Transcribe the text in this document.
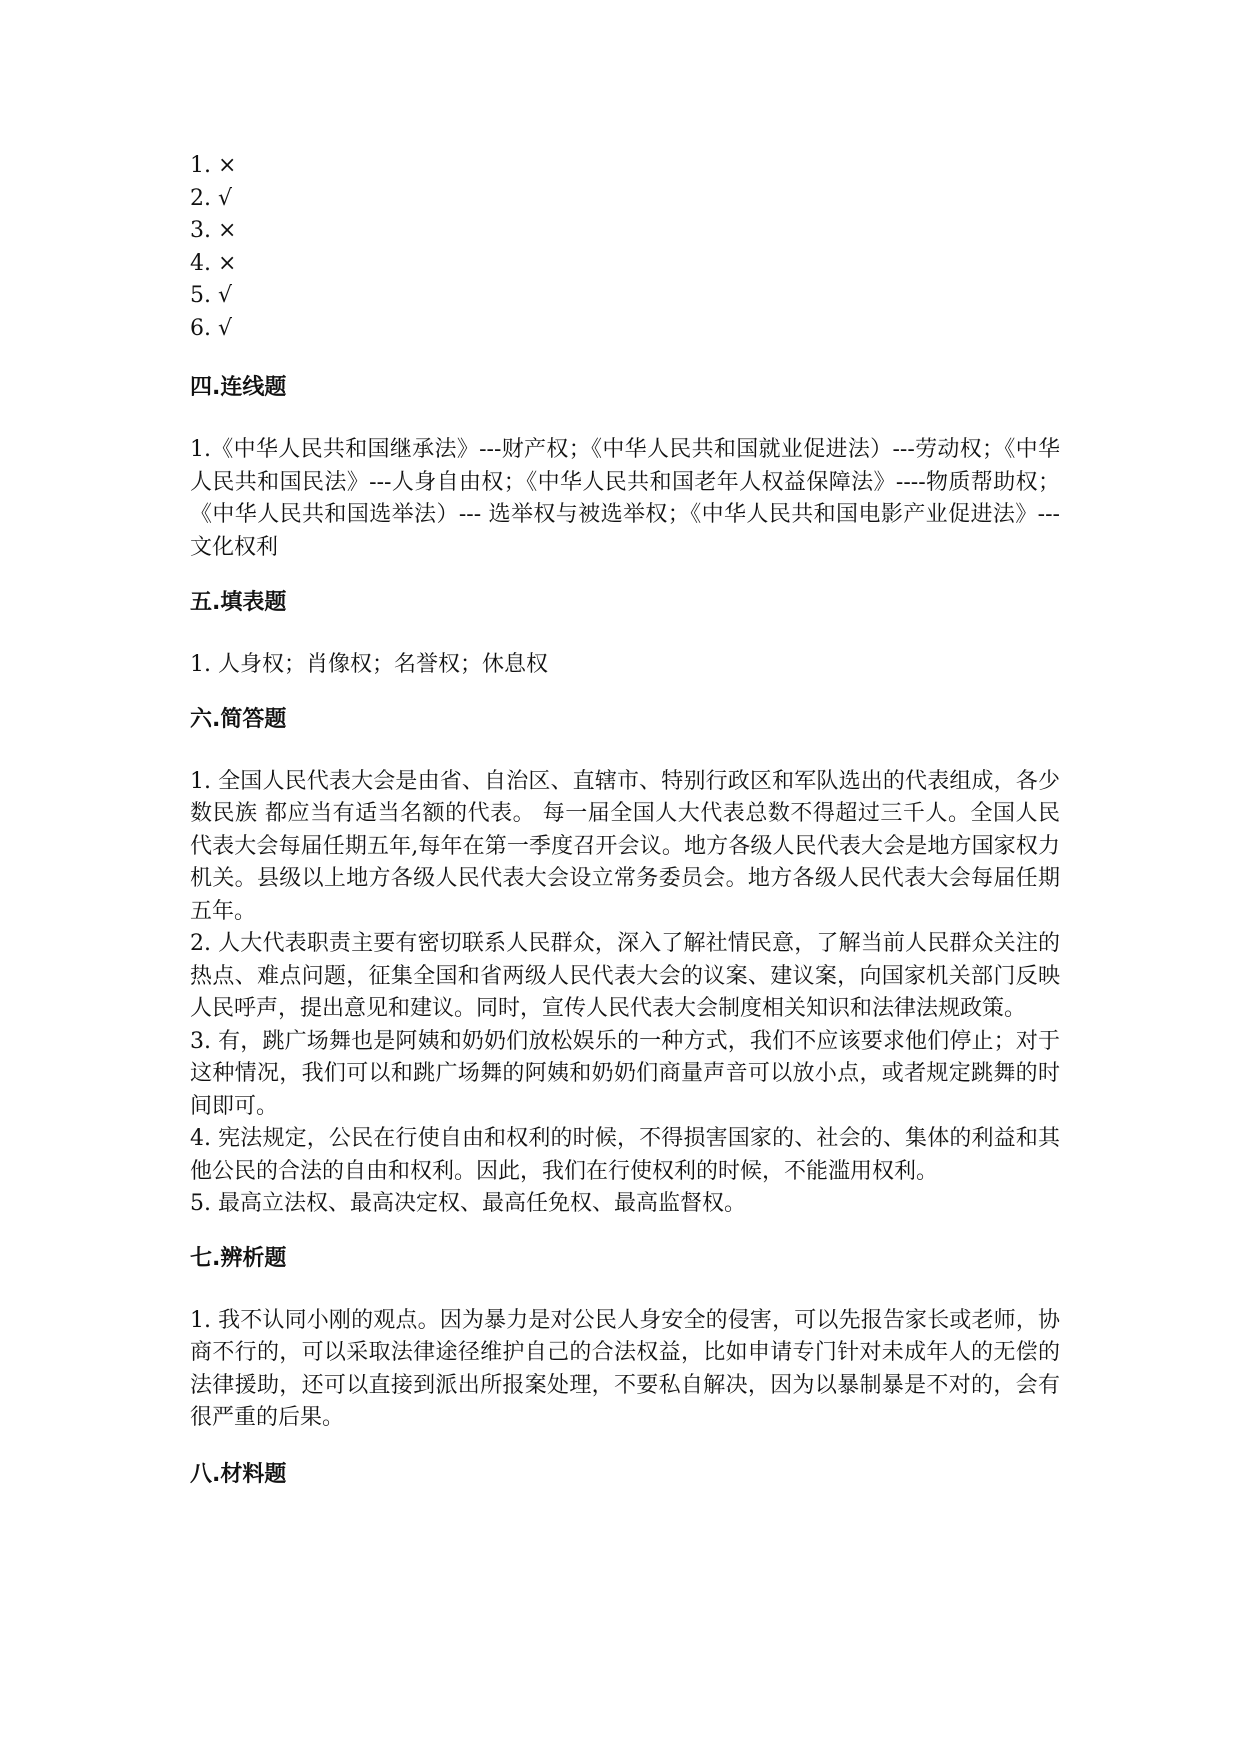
1. ×
2. √
3. ×
4. ×
5. √
6. √
四.连线题

1.《中华人民共和国继承法》---财产权；《中华人民共和国就业促进法）---劳动权；《中华人民共和国民法》---人身自由权；《中华人民共和国老年人权益保障法》----物质帮助权；《中华人民共和国选举法）--- 选举权与被选举权；《中华人民共和国电影产业促进法》---文化权利

五.填表题

1. 人身权；肖像权；名誉权；休息权

六.简答题

1. 全国人民代表大会是由省、自治区、直辖市、特别行政区和军队选出的代表组成，各少数民族 都应当有适当名额的代表。 每一届全国人大代表总数不得超过三千人。全国人民代表大会每届任期五年,每年在第一季度召开会议。地方各级人民代表大会是地方国家权力机关。县级以上地方各级人民代表大会设立常务委员会。地方各级人民代表大会每届任期五年。

2. 人大代表职责主要有密切联系人民群众，深入了解社情民意，了解当前人民群众关注的热点、难点问题，征集全国和省两级人民代表大会的议案、建议案，向国家机关部门反映人民呼声，提出意见和建议。同时，宣传人民代表大会制度相关知识和法律法规政策。

3. 有，跳广场舞也是阿姨和奶奶们放松娱乐的一种方式，我们不应该要求他们停止；对于这种情况，我们可以和跳广场舞的阿姨和奶奶们商量声音可以放小点，或者规定跳舞的时间即可。

4. 宪法规定，公民在行使自由和权利的时候，不得损害国家的、社会的、集体的利益和其他公民的合法的自由和权利。因此，我们在行使权利的时候，不能滥用权利。

5. 最高立法权、最高决定权、最高任免权、最高监督权。

七.辨析题

1. 我不认同小刚的观点。因为暴力是对公民人身安全的侵害，可以先报告家长或老师，协商不行的，可以采取法律途径维护自己的合法权益，比如申请专门针对未成年人的无偿的法律援助，还可以直接到派出所报案处理，不要私自解决，因为以暴制暴是不对的，会有很严重的后果。

八.材料题
